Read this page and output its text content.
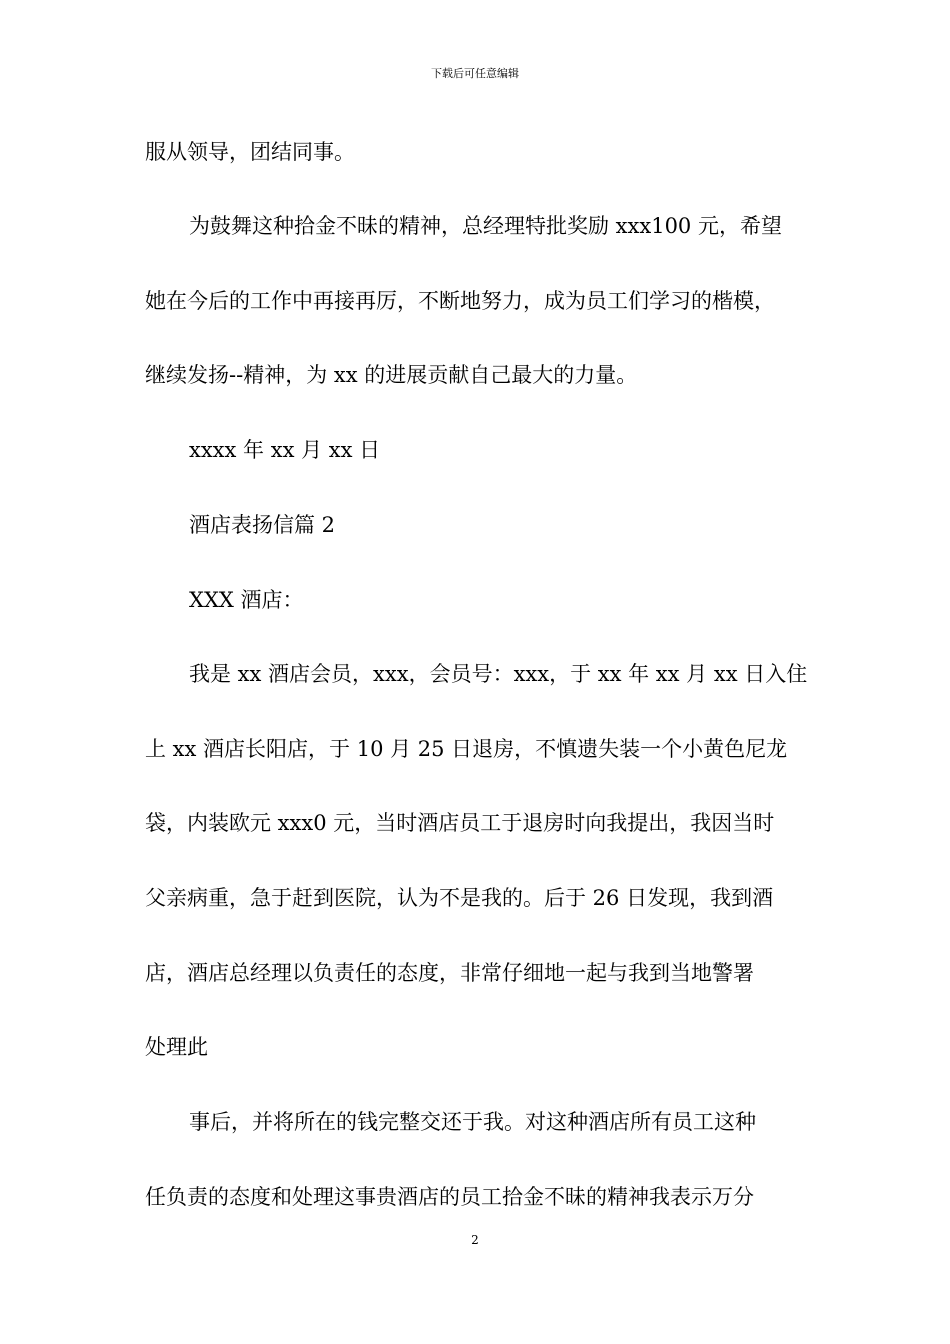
下载后可任意编辑
服从领导，团结同事。
为鼓舞这种拾金不昧的精神，总经理特批奖励 xxx100 元，希望
她在今后的工作中再接再厉，不断地努力，成为员工们学习的楷模，
继续发扬--精神，为 xx 的进展贡献自己最大的力量。
xxxx 年 xx 月 xx 日
酒店表扬信篇 2
XXX 酒店：
我是 xx 酒店会员，xxx，会员号：xxx，于 xx 年 xx 月 xx 日入住
上 xx 酒店长阳店，于 10 月 25 日退房，不慎遗失装一个小黄色尼龙
袋，内装欧元 xxx0 元，当时酒店员工于退房时向我提出，我因当时
父亲病重，急于赶到医院，认为不是我的。后于 26 日发现，我到酒
店，酒店总经理以负责任的态度，非常仔细地一起与我到当地警署
处理此
事后，并将所在的钱完整交还于我。对这种酒店所有员工这种
任负责的态度和处理这事贵酒店的员工拾金不昧的精神我表示万分
2
